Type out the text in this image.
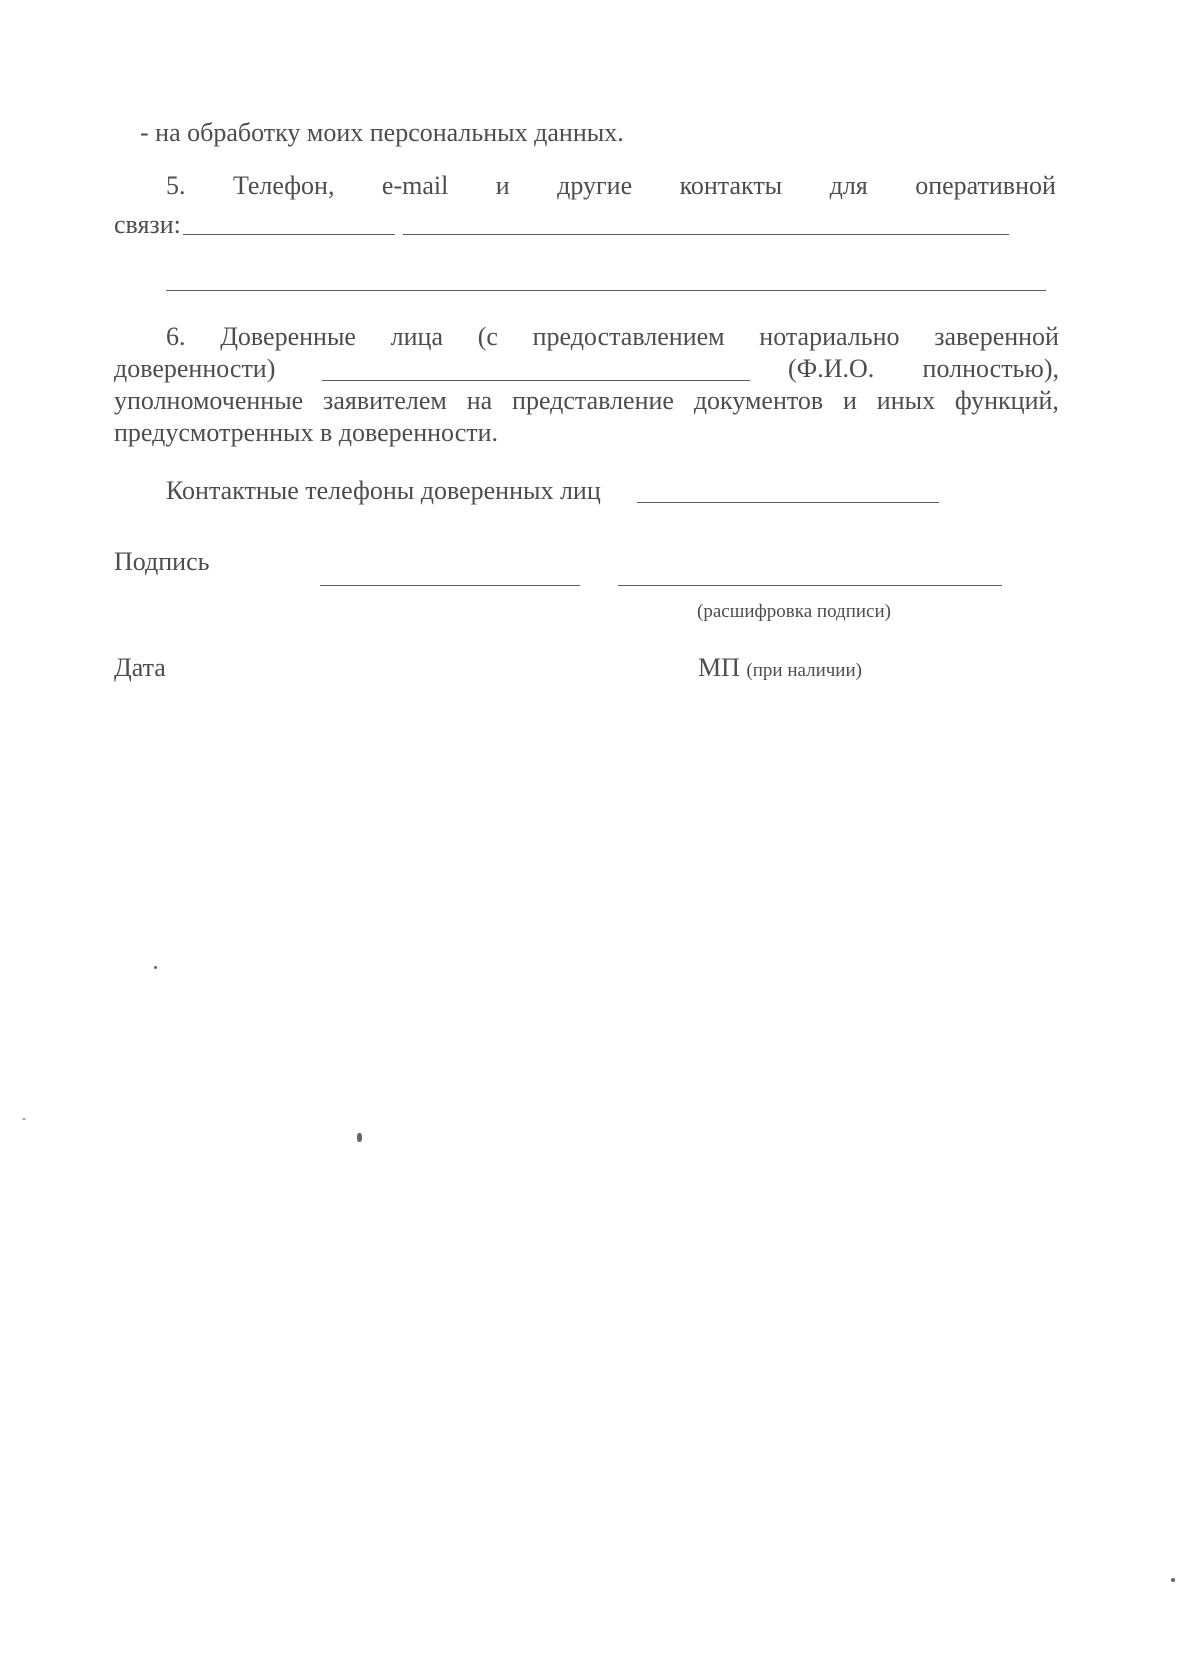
- на обработку моих персональных данных.
5. Телефон, e-mail и другие контакты для оперативной
связи:
6. Доверенные лица (с предоставлением нотариально заверенной
доверенности)	(Ф.И.О. полностью),
уполномоченные заявителем на представление документов и иных функций,
предусмотренных в доверенности.
Контактные телефоны доверенных лиц
Подпись
(расшифровка подписи)
Дата	МП (при наличии)
